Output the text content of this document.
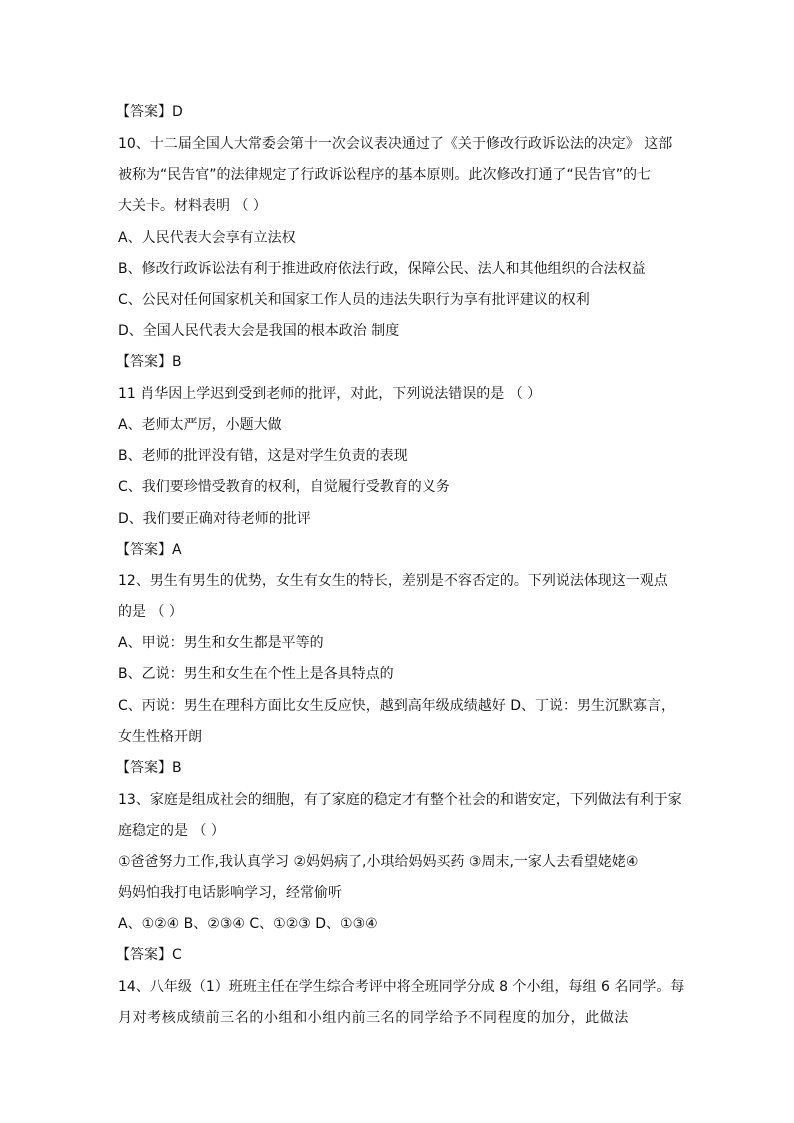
【答案】D
10、十二届全国人大常委会第十一次会议表决通过了《关于修改行政诉讼法的决定》 这部
被称为“民告官”的法律规定了行政诉讼程序的基本原则。此次修改打通了“民告官”的七
大关卡。材料表明 （ ）
A、人民代表大会享有立法权
B、修改行政诉讼法有利于推进政府依法行政，保障公民、法人和其他组织的合法权益
C、公民对任何国家机关和国家工作人员的违法失职行为享有批评建议的权利
D、全国人民代表大会是我国的根本政治 制度
【答案】B
11 肖华因上学迟到受到老师的批评，对此，下列说法错误的是 （ ）
A、老师太严厉，小题大做
B、老师的批评没有错，这是对学生负责的表现
C、我们要珍惜受教育的权利，自觉履行受教育的义务
D、我们要正确对待老师的批评
【答案】A
12、男生有男生的优势，女生有女生的特长，差别是不容否定的。下列说法体现这一观点
的是 （ ）
A、甲说：男生和女生都是平等的
B、乙说：男生和女生在个性上是各具特点的
C、丙说：男生在理科方面比女生反应快，越到高年级成绩越好 D、丁说：男生沉默寡言，
女生性格开朗
【答案】B
13、家庭是组成社会的细胞，有了家庭的稳定才有整个社会的和谐安定，下列做法有利于家
庭稳定的是 （ ）
①爸爸努力工作,我认真学习 ②妈妈病了,小琪给妈妈买药 ③周末,一家人去看望姥姥④
妈妈怕我打电话影响学习，经常偷听
A、①②④ B、②③④ C、①②③ D、①③④
【答案】C
14、八年级（1）班班主任在学生综合考评中将全班同学分成 8 个小组，每组 6 名同学。每
月对考核成绩前三名的小组和小组内前三名的同学给予不同程度的加分，此做法
